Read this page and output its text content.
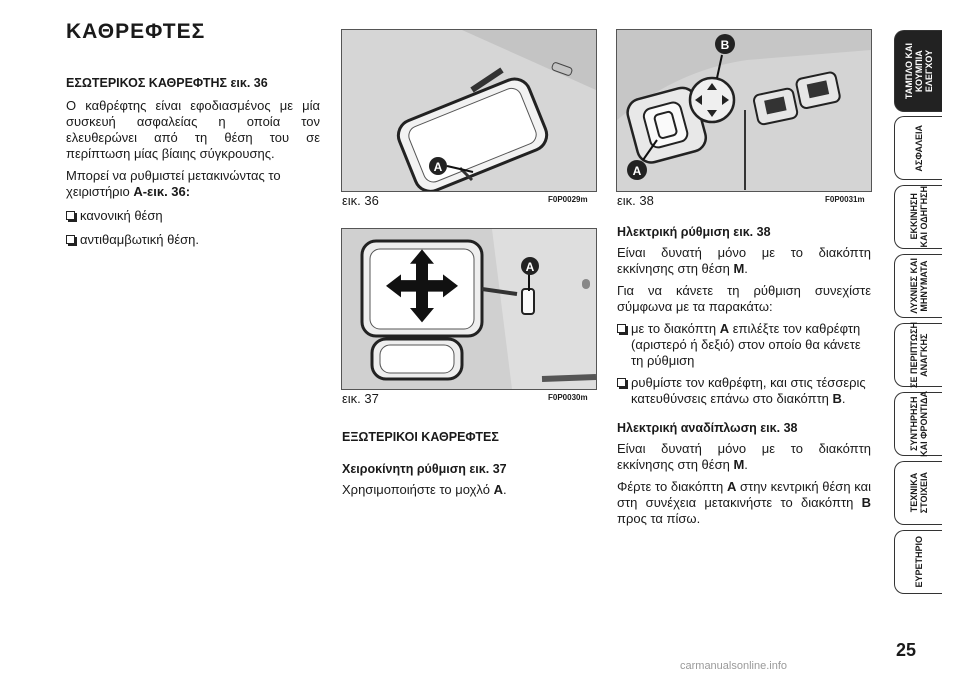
ΚΑΘΡΕΦΤΕΣ
ΕΣΩΤΕΡΙΚΟΣ ΚΑΘΡΕΦΤΗΣ εικ. 36

Ο καθρέφτης είναι εφοδιασμένος με μία συσκευή ασφαλείας η οποία τον ελευθερώνει από τη θέση του σε περίπτωση μίας βίαιης σύγκρουσης.

Μπορεί να ρυθμιστεί μετακινώντας το χειριστήριο A-εικ. 36:

κανονική θέση
αντιθαμβωτική θέση.
A
εικ. 36	F0P0029m
A
εικ. 37	F0P0030m
ΕΞΩΤΕΡΙΚΟΙ ΚΑΘΡΕΦΤΕΣ
Χειροκίνητη ρύθμιση εικ. 37

Χρησιμοποιήστε το μοχλό A.

B
A
εικ. 38	F0P0031m
Ηλεκτρική ρύθμιση εικ. 38

Είναι δυνατή μόνο με το διακόπτη εκκίνησης στη θέση M.

Για να κάνετε τη ρύθμιση συνεχίστε σύμφωνα με τα παρακάτω:

με το διακόπτη A επιλέξτε τον καθρέφτη (αριστερό ή δεξιό) στον οποίο θα κάνετε τη ρύθμιση
ρυθμίστε τον καθρέφτη, και στις τέσσερις κατευθύνσεις επάνω στο διακόπτη B.
Ηλεκτρική αναδίπλωση εικ. 38

Είναι δυνατή μόνο με το διακόπτη εκκίνησης στη θέση M.

Φέρτε το διακόπτη A στην κεντρική θέση και στη συνέχεια μετακινήστε το διακόπτη B προς τα πίσω.

ΤΑΜΠΛΟ ΚΑΙ
ΚΟΥΜΠΙΑ
ΕΛΕΓΧΟΥ
ΑΣΦΑΛΕΙΑ
ΕΚΚΙΝΗΣΗ
ΚΑΙ ΟΔΗΓΗΣΗ
ΛΥΧΝΙΕΣ ΚΑΙ
ΜΗΝΥΜΑΤΑ
ΣΕ ΠΕΡΙΠΤΩΣΗ
ΑΝΑΓΚΗΣ
ΣΥΝΤΗΡΗΣΗ
ΚΑΙ ΦΡΟΝΤΙΔΑ
ΤΕΧΝΙΚΑ
ΣΤΟΙΧΕΙΑ
ΕΥΡΕΤΗΡΙΟ
25
carmanualsonline.info
